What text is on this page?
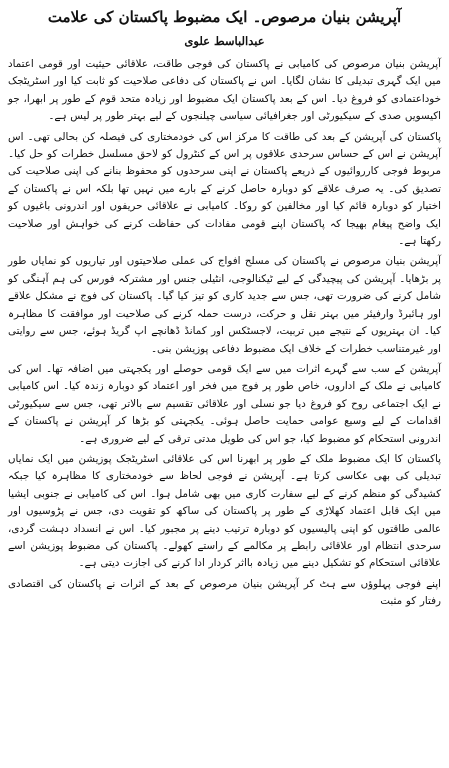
آپریشن بنیان مرصوص۔ ایک مضبوط پاکستان کی علامت
عبدالباسط علوی

آپریشن بنیان مرصوص کی کامیابی نے پاکستان کی فوجی طاقت، علاقائی حیثیت اور قومی اعتماد میں ایک گہری تبدیلی کا نشان لگایا۔ اس نے پاکستان کی دفاعی صلاحیت کو ثابت کیا اور اسٹریٹجک خوداعتمادی کو فروغ دیا۔ اس کے بعد پاکستان ایک مضبوط اور زیادہ متحد قوم کے طور پر ابھرا، جو اکیسویں صدی کے سیکیورٹی اور جغرافیائی سیاسی چیلنجوں کے لیے بہتر طور پر لیس ہے۔

پاکستان کی آپریشن کے بعد کی طاقت کا مرکز اس کی خودمختاری کی فیصلہ کن بحالی تھی۔ اس آپریشن نے اس کے حساس سرحدی علاقوں پر اس کے کنٹرول کو لاحق مسلسل خطرات کو حل کیا۔ مربوط فوجی کارروائیوں کے ذریعے پاکستان نے اپنی سرحدوں کو محفوظ بنانے کی اپنی صلاحیت کی تصدیق کی۔ یہ صرف علاقے کو دوبارہ حاصل کرنے کے بارے میں نہیں تھا بلکہ اس نے پاکستان کے اختیار کو دوبارہ قائم کیا اور مخالفین کو روکا۔ کامیابی نے علاقائی حریفوں اور اندرونی باغیوں کو ایک واضح پیغام بھیجا کہ پاکستان اپنے قومی مفادات کی حفاظت کرنے کی خواہش اور صلاحیت رکھتا ہے۔

آپریشن بنیان مرصوص نے پاکستان کی مسلح افواج کی عملی صلاحیتوں اور تیاریوں کو نمایاں طور پر بڑھایا۔ آپریشن کی پیچیدگی کے لیے ٹیکنالوجی، انٹیلی جنس اور مشترکہ فورس کی ہم آہنگی کو شامل کرنے کی ضرورت تھی، جس سے جدید کاری کو تیز کیا گیا۔ پاکستان کی فوج نے مشکل علاقے اور ہائبرڈ وارفیئر میں بہتر نقل و حرکت، درست حملہ کرنے کی صلاحیت اور موافقت کا مظاہرہ کیا۔ ان بہتریوں کے نتیجے میں تربیت، لاجسٹکس اور کمانڈ ڈھانچے اپ گریڈ ہوئے، جس سے روایتی اور غیرمتناسب خطرات کے خلاف ایک مضبوط دفاعی پوزیشن بنی۔

آپریشن کے سب سے گہرے اثرات میں سے ایک قومی حوصلے اور یکجہتی میں اضافہ تھا۔ اس کی کامیابی نے ملک کے اداروں، خاص طور پر فوج میں فخر اور اعتماد کو دوبارہ زندہ کیا۔ اس کامیابی نے ایک اجتماعی روح کو فروغ دیا جو نسلی اور علاقائی تقسیم سے بالاتر تھی، جس سے سیکیورٹی اقدامات کے لیے وسیع عوامی حمایت حاصل ہوئی۔ یکجہتی کو بڑھا کر آپریشن نے پاکستان کے اندرونی استحکام کو مضبوط کیا، جو اس کی طویل مدتی ترقی کے لیے ضروری ہے۔

پاکستان کا ایک مضبوط ملک کے طور پر ابھرنا اس کی علاقائی اسٹریٹجک پوزیشن میں ایک نمایاں تبدیلی کی بھی عکاسی کرتا ہے۔ آپریشن نے فوجی لحاظ سے خودمختاری کا مظاہرہ کیا جبکہ کشیدگی کو منظم کرنے کے لیے سفارت کاری میں بھی شامل ہوا۔ اس کی کامیابی نے جنوبی ایشیا میں ایک قابل اعتماد کھلاڑی کے طور پر پاکستان کی ساکھ کو تقویت دی، جس نے پڑوسیوں اور عالمی طاقتوں کو اپنی پالیسیوں کو دوبارہ ترتیب دینے پر مجبور کیا۔ اس نے انسداد دہشت گردی، سرحدی انتظام اور علاقائی رابطے پر مکالمے کے راستے کھولے۔ پاکستان کی مضبوط پوزیشن اسے علاقائی استحکام کو تشکیل دینے میں زیادہ بااثر کردار ادا کرنے کی اجازت دیتی ہے۔

اپنے فوجی پہلوؤں سے ہٹ کر آپریشن بنیان مرصوص کے بعد کے اثرات نے پاکستان کی اقتصادی رفتار کو مثبت
